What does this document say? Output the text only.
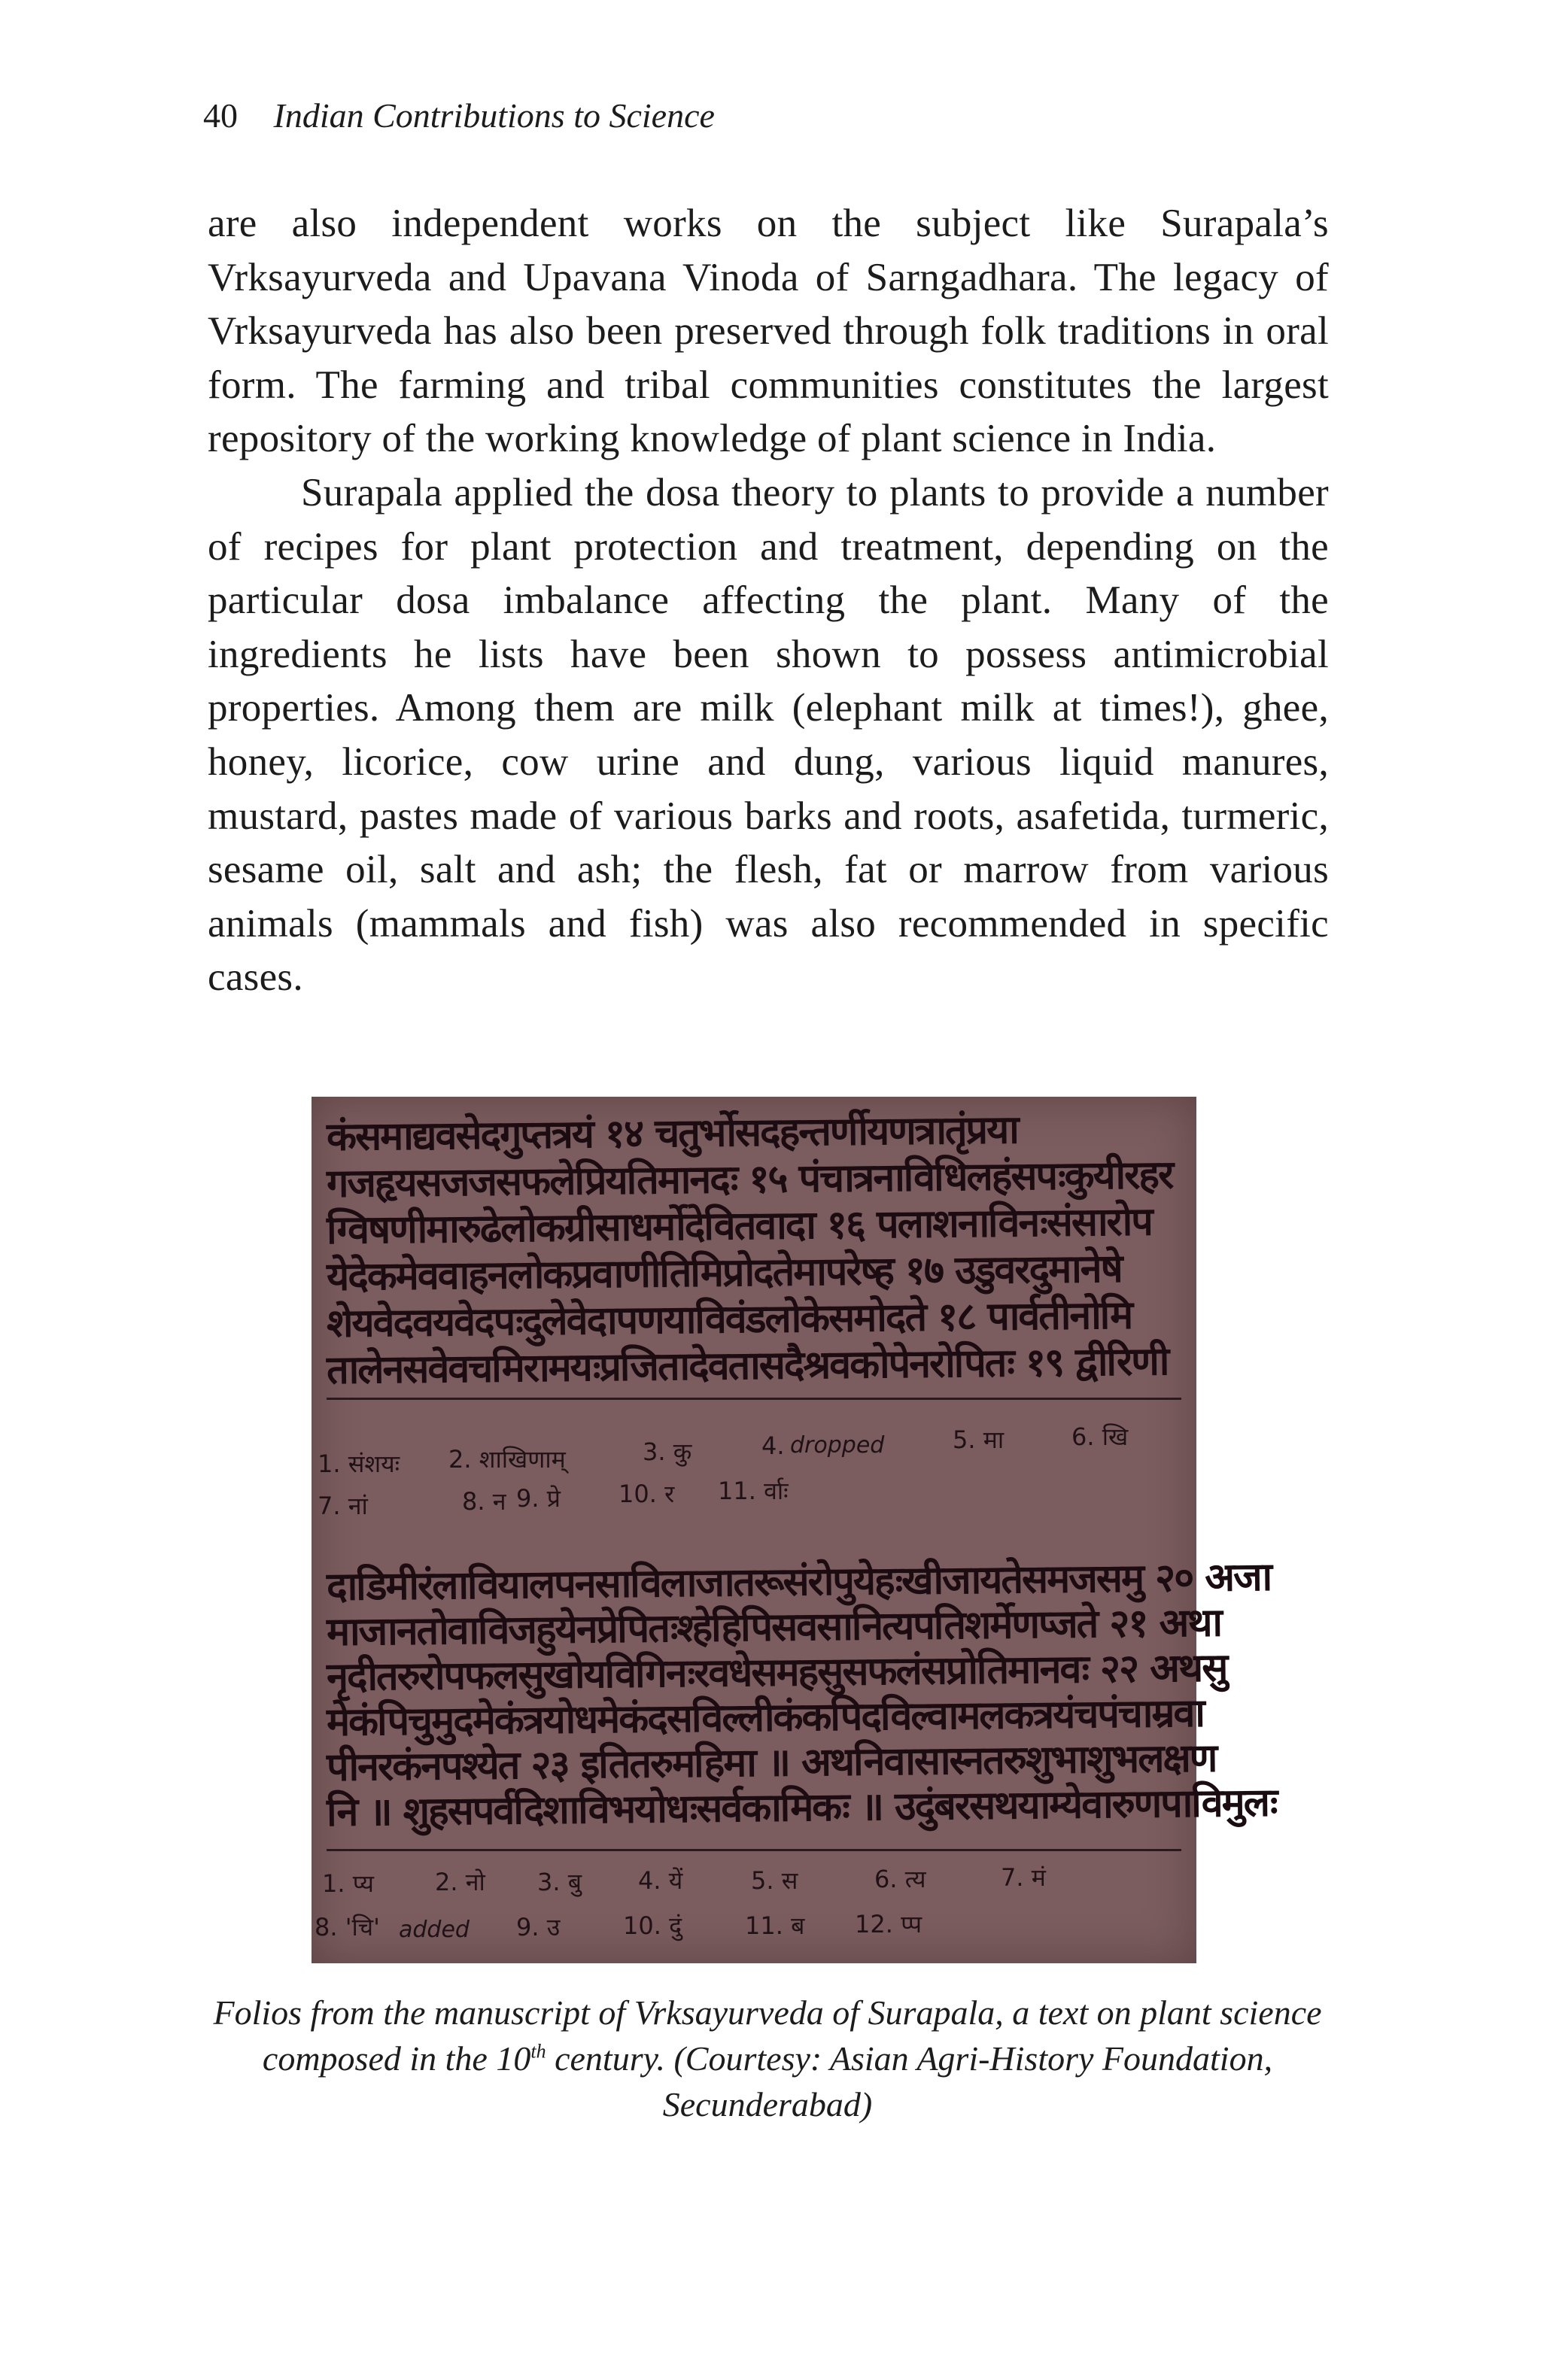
40 Indian Contributions to Science

are also independent works on the subject like Surapala’s Vrksayurveda and Upavana Vinoda of Sarngadhara. The legacy of Vrksayurveda has also been preserved through folk traditions in oral form. The farming and tribal communities constitutes the largest repository of the working knowledge of plant science in India.

Surapala applied the dosa theory to plants to provide a number of recipes for plant protection and treatment, depending on the particular dosa imbalance affecting the plant. Many of the ingredients he lists have been shown to possess antimicrobial properties. Among them are milk (elephant milk at times!), ghee, honey, licorice, cow urine and dung, various liquid manures, mustard, pastes made of various barks and roots, asafetida, turmeric, sesame oil, salt and ash; the flesh, fat or marrow from various animals (mammals and fish) was also recommended in specific cases.

कंसमाद्यवसेदगुप्तत्रयं १४ चतुर्भोसदहन्तर्णीयणत्रातृंप्रया
गजहृयसजजसफलेप्रियतिमानदः १५ पंचात्रनाविधिलहंसपःकुयीरहर
ग्विषणीमारुढेलोकग्रीसाधर्मोदेवितवादा १६ पलाशनाविनःसंसारोप
येदेकमेववाहनलोकप्रवाणीतिमिप्रोदतेमापरेष्ह १७ उडुवरदुमानेषे
शेयवेदवयवेदपःदुलेवेदापणयाविवंडलोकेसमोदते १८ पार्वतीनोमि
तालेनसवेवचमिरामयःप्रजितादेवतासदैश्रवकोपेनरोपितः १९ द्वीरिणी
1. संशयः 2. शाखिणाम्	3. कु	4. dropped	5. मा	6. खि
7. नां	8. न 9. प्रे 10. र 11. र्वाः
दाडिमीरंलावियालपनसाविलाजातरूसंरोपुयेहःखीजायतेसमजसमु २० अजा
माजानतोवाविजहुयेनप्रेपितःश्हेहिपिसवसानित्यपतिशर्मेणप्जते २१ अथा
नृदीतरुरोपफलसुखोयविगिनःरवधेसमहसुसफलंसप्रोतिमानवः २२ अथसु
मेकंपिचुमुदमेकंत्रयोधमेकंदसविल्लीकंकपिदविल्वामलकत्रयंचपंचाम्रवा
पीनरकंनपश्येत २३ इतितरुमहिमा ॥ अथनिवासास्नतरुशुभाशुभलक्षण
नि ॥ शुहसपर्वदिशाविभयोधःसर्वकामिकः ॥ उदुंबरसथयाम्येवारुणपाविमुलः
1. प्य	2. नो 3. बु 4. यें	5. स	6. त्य	7. मं
8. 'चि' added 9. उ	10. दुं	11. ब 12. प्प
Folios from the manuscript of Vrksayurveda of Surapala, a text on plant science composed in the 10th century. (Courtesy: Asian Agri-History Foundation, Secunderabad)
